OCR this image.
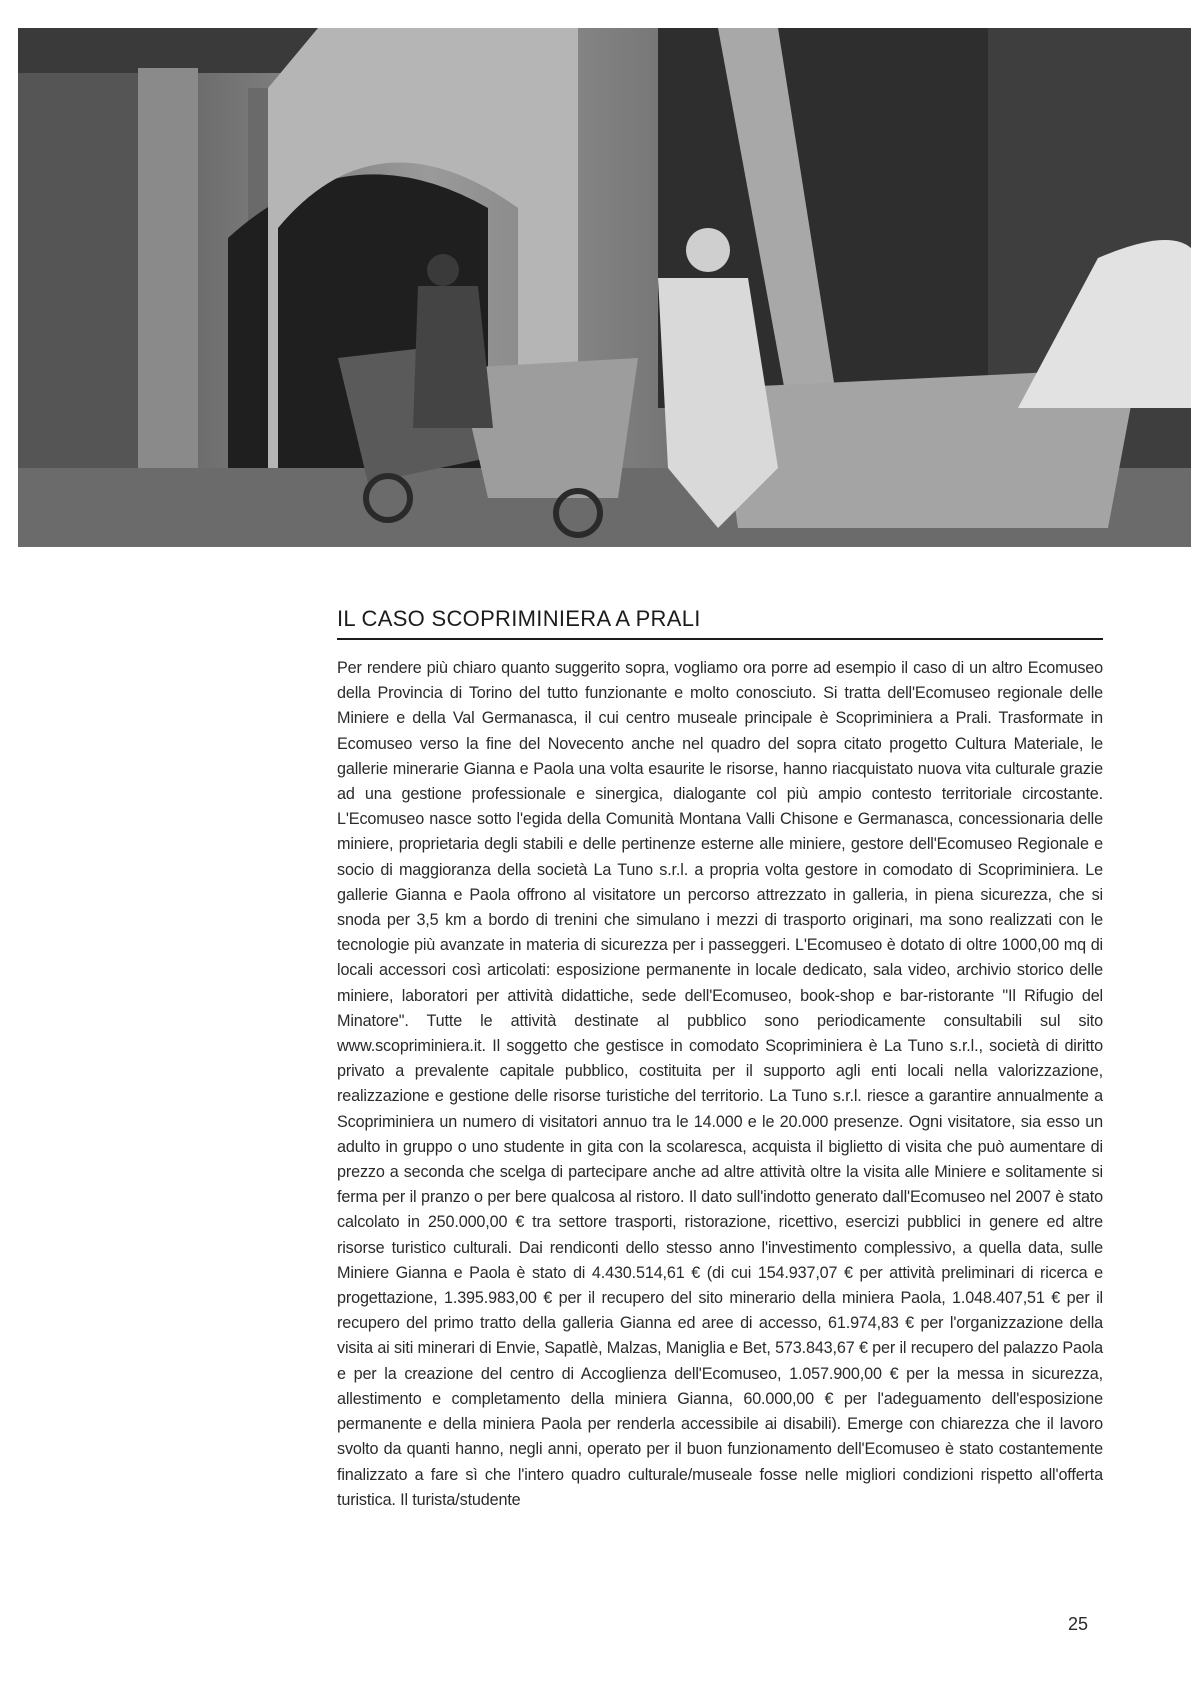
IL CASO SCOPRIMINIERA A PRALI

Per rendere più chiaro quanto suggerito sopra, vogliamo ora porre ad esempio il caso di un altro Ecomuseo della Provincia di Torino del tutto funzionante e molto conosciuto. Si tratta dell'Ecomuseo regionale delle Miniere e della Val Germanasca, il cui centro museale principale è Scopriminiera a Prali. Trasformate in Ecomuseo verso la fine del Novecento anche nel quadro del sopra citato progetto Cultura Materiale, le gallerie minerarie Gianna e Paola una volta esaurite le risorse, hanno riacquistato nuova vita culturale grazie ad una gestione professionale e sinergica, dialogante col più ampio contesto territoriale circostante. L'Ecomuseo nasce sotto l'egida della Comunità Montana Valli Chisone e Germanasca, concessionaria delle miniere, proprietaria degli stabili e delle pertinenze esterne alle miniere, gestore dell'Ecomuseo Regionale e socio di maggioranza della società La Tuno s.r.l. a propria volta gestore in comodato di Scopriminiera. Le gallerie Gianna e Paola offrono al visitatore un percorso attrezzato in galleria, in piena sicurezza, che si snoda per 3,5 km a bordo di trenini che simulano i mezzi di trasporto originari, ma sono realizzati con le tecnologie più avanzate in materia di sicurezza per i passeggeri. L'Ecomuseo è dotato di oltre 1000,00 mq di locali accessori così articolati: esposizione permanente in locale dedicato, sala video, archivio storico delle miniere, laboratori per attività didattiche, sede dell'Ecomuseo, book-shop e bar-ristorante "Il Rifugio del Minatore". Tutte le attività destinate al pubblico sono periodicamente consultabili sul sito www.scopriminiera.it. Il soggetto che gestisce in comodato Scopriminiera è La Tuno s.r.l., società di diritto privato a prevalente capitale pubblico, costituita per il supporto agli enti locali nella valorizzazione, realizzazione e gestione delle risorse turistiche del territorio. La Tuno s.r.l. riesce a garantire annualmente a Scopriminiera un numero di visitatori annuo tra le 14.000 e le 20.000 presenze. Ogni visitatore, sia esso un adulto in gruppo o uno studente in gita con la scolaresca, acquista il biglietto di visita che può aumentare di prezzo a seconda che scelga di partecipare anche ad altre attività oltre la visita alle Miniere e solitamente si ferma per il pranzo o per bere qualcosa al ristoro. Il dato sull'indotto generato dall'Ecomuseo nel 2007 è stato calcolato in 250.000,00 € tra settore trasporti, ristorazione, ricettivo, esercizi pubblici in genere ed altre risorse turistico culturali. Dai rendiconti dello stesso anno l'investimento complessivo, a quella data, sulle Miniere Gianna e Paola è stato di 4.430.514,61 € (di cui 154.937,07 € per attività preliminari di ricerca e progettazione, 1.395.983,00 € per il recupero del sito minerario della miniera Paola, 1.048.407,51 € per il recupero del primo tratto della galleria Gianna ed aree di accesso, 61.974,83 € per l'organizzazione della visita ai siti minerari di Envie, Sapatlè, Malzas, Maniglia e Bet, 573.843,67 € per il recupero del palazzo Paola e per la creazione del centro di Accoglienza dell'Ecomuseo, 1.057.900,00 € per la messa in sicurezza, allestimento e completamento della miniera Gianna, 60.000,00 € per l'adeguamento dell'esposizione permanente e della miniera Paola per renderla accessibile ai disabili). Emerge con chiarezza che il lavoro svolto da quanti hanno, negli anni, operato per il buon funzionamento dell'Ecomuseo è stato costantemente finalizzato a fare sì che l'intero quadro culturale/museale fosse nelle migliori condizioni rispetto all'offerta turistica. Il turista/studente

25
